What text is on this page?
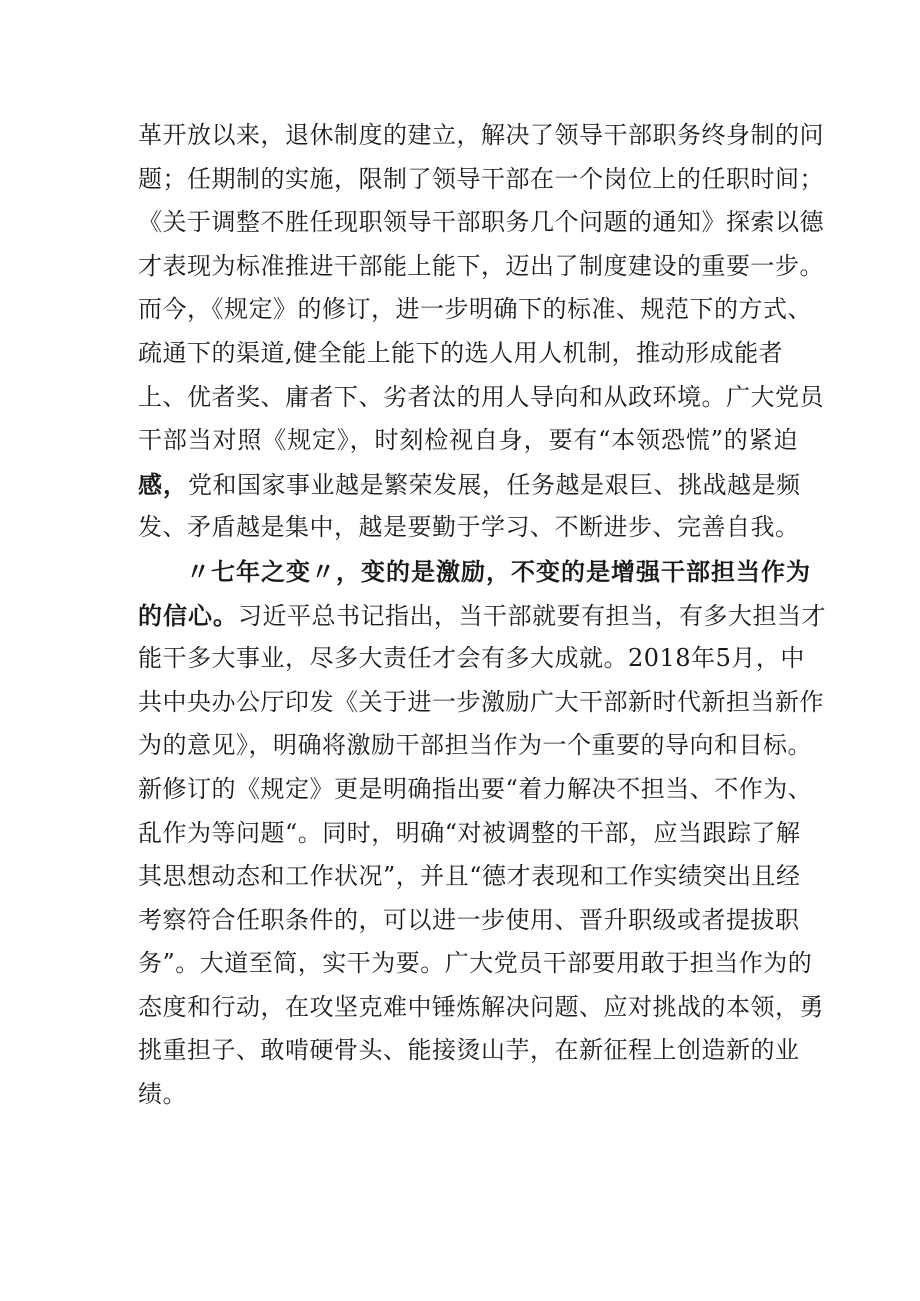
革开放以来，退休制度的建立，解决了领导干部职务终身制的问
题；任期制的实施，限制了领导干部在一个岗位上的任职时间；
《关于调整不胜任现职领导干部职务几个问题的通知》探索以德
才表现为标准推进干部能上能下，迈出了制度建设的重要一步。
而今，《规定》的修订，进一步明确下的标准、规范下的方式、
疏通下的渠道,健全能上能下的选人用人机制，推动形成能者
上、优者奖、庸者下、劣者汰的用人导向和从政环境。广大党员
干部当对照《规定》，时刻检视自身，要有“本领恐慌”的紧迫
感，党和国家事业越是繁荣发展，任务越是艰巨、挑战越是频
发、矛盾越是集中，越是要勤于学习、不断进步、完善自我。
〃七年之变〃，变的是激励，不变的是增强干部担当作为
的信心。习近平总书记指出，当干部就要有担当，有多大担当才
能干多大事业，尽多大责任才会有多大成就。2018年5月，中
共中央办公厅印发《关于进一步激励广大干部新时代新担当新作
为的意见》，明确将激励干部担当作为一个重要的导向和目标。
新修订的《规定》更是明确指出要“着力解决不担当、不作为、
乱作为等问题“。同时，明确“对被调整的干部，应当跟踪了解
其思想动态和工作状况”，并且“德才表现和工作实绩突出且经
考察符合任职条件的，可以进一步使用、晋升职级或者提拔职
务”。大道至简，实干为要。广大党员干部要用敢于担当作为的
态度和行动，在攻坚克难中锤炼解决问题、应对挑战的本领，勇
挑重担子、敢啃硬骨头、能接烫山芋，在新征程上创造新的业
绩。
